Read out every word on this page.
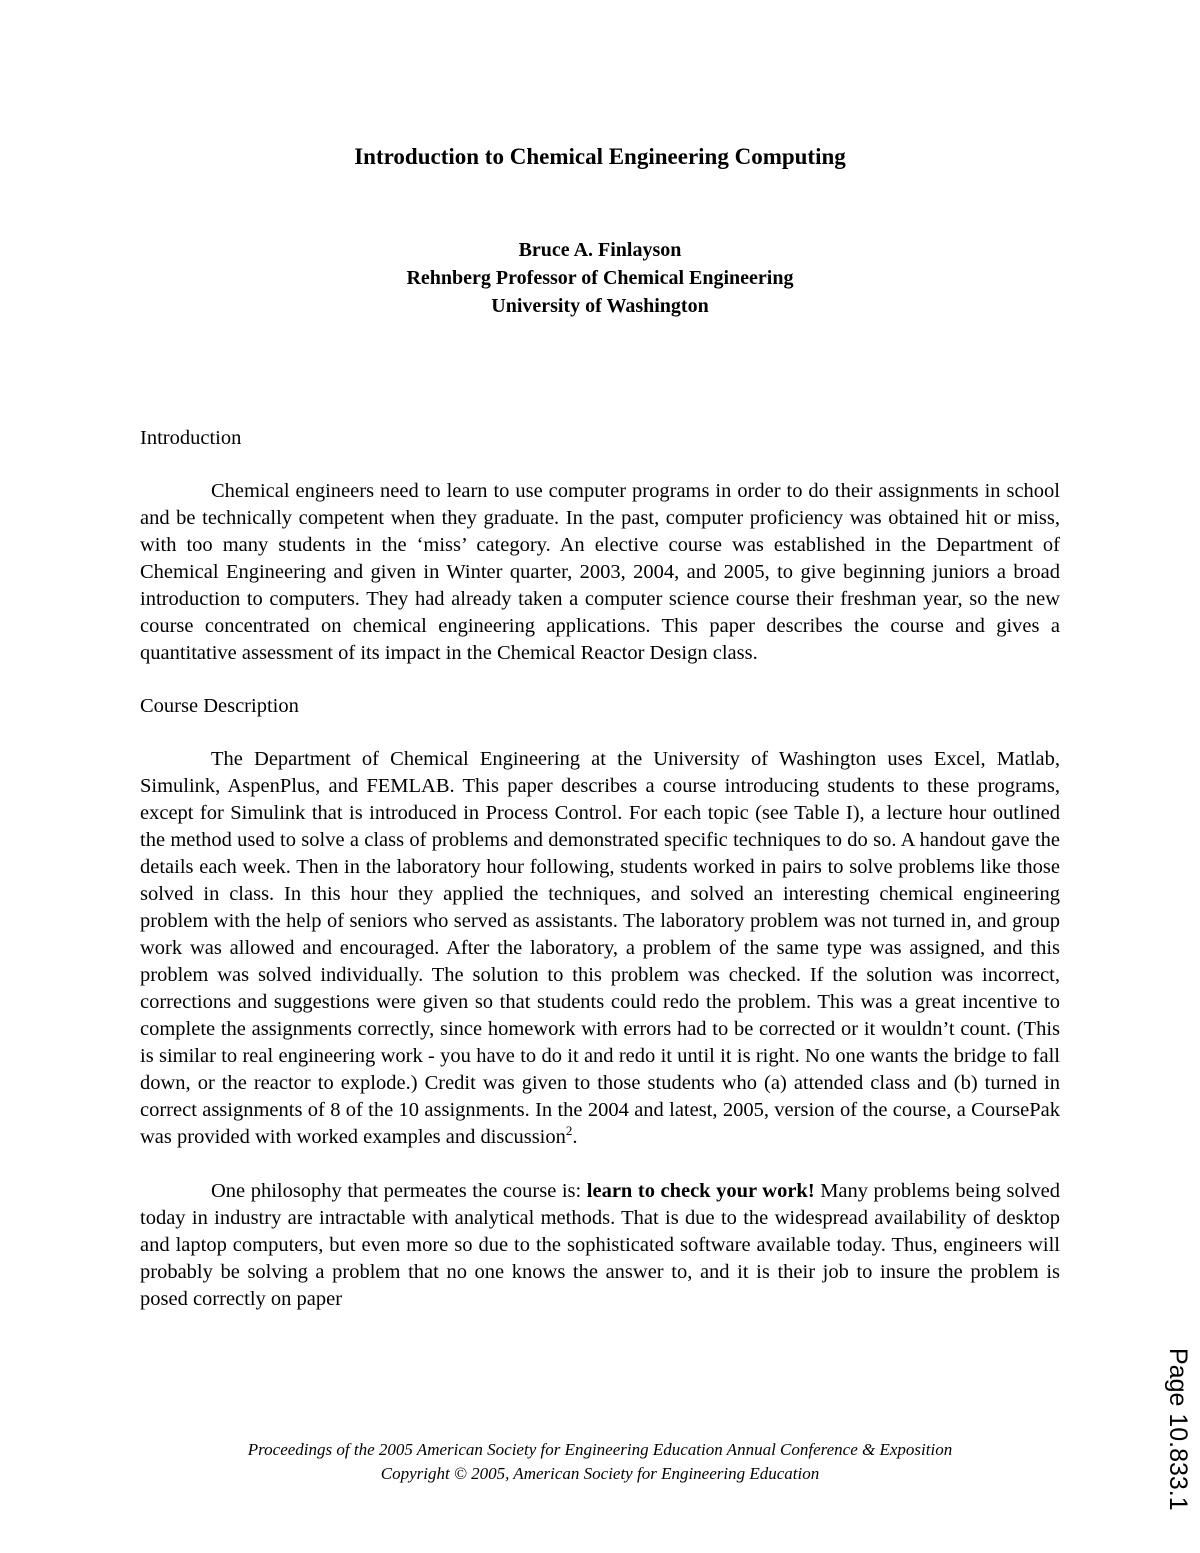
Introduction to Chemical Engineering Computing
Bruce A. Finlayson
Rehnberg Professor of Chemical Engineering
University of Washington
Introduction

Chemical engineers need to learn to use computer programs in order to do their assignments in school and be technically competent when they graduate. In the past, computer proficiency was obtained hit or miss, with too many students in the ‘miss’ category. An elective course was established in the Department of Chemical Engineering and given in Winter quarter, 2003, 2004, and 2005, to give beginning juniors a broad introduction to computers. They had already taken a computer science course their freshman year, so the new course concentrated on chemical engineering applications. This paper describes the course and gives a quantitative assessment of its impact in the Chemical Reactor Design class.

Course Description

The Department of Chemical Engineering at the University of Washington uses Excel, Matlab, Simulink, AspenPlus, and FEMLAB. This paper describes a course introducing students to these programs, except for Simulink that is introduced in Process Control. For each topic (see Table I), a lecture hour outlined the method used to solve a class of problems and demonstrated specific techniques to do so. A handout gave the details each week. Then in the laboratory hour following, students worked in pairs to solve problems like those solved in class. In this hour they applied the techniques, and solved an interesting chemical engineering problem with the help of seniors who served as assistants. The laboratory problem was not turned in, and group work was allowed and encouraged. After the laboratory, a problem of the same type was assigned, and this problem was solved individually. The solution to this problem was checked. If the solution was incorrect, corrections and suggestions were given so that students could redo the problem. This was a great incentive to complete the assignments correctly, since homework with errors had to be corrected or it wouldn’t count. (This is similar to real engineering work - you have to do it and redo it until it is right. No one wants the bridge to fall down, or the reactor to explode.) Credit was given to those students who (a) attended class and (b) turned in correct assignments of 8 of the 10 assignments. In the 2004 and latest, 2005, version of the course, a CoursePak was provided with worked examples and discussion$^2$.

One philosophy that permeates the course is: learn to check your work! Many problems being solved today in industry are intractable with analytical methods. That is due to the widespread availability of desktop and laptop computers, but even more so due to the sophisticated software available today. Thus, engineers will probably be solving a problem that no one knows the answer to, and it is their job to insure the problem is posed correctly on paper

Proceedings of the 2005 American Society for Engineering Education Annual Conference & Exposition
Copyright © 2005, American Society for Engineering Education	Page 10.833.1
